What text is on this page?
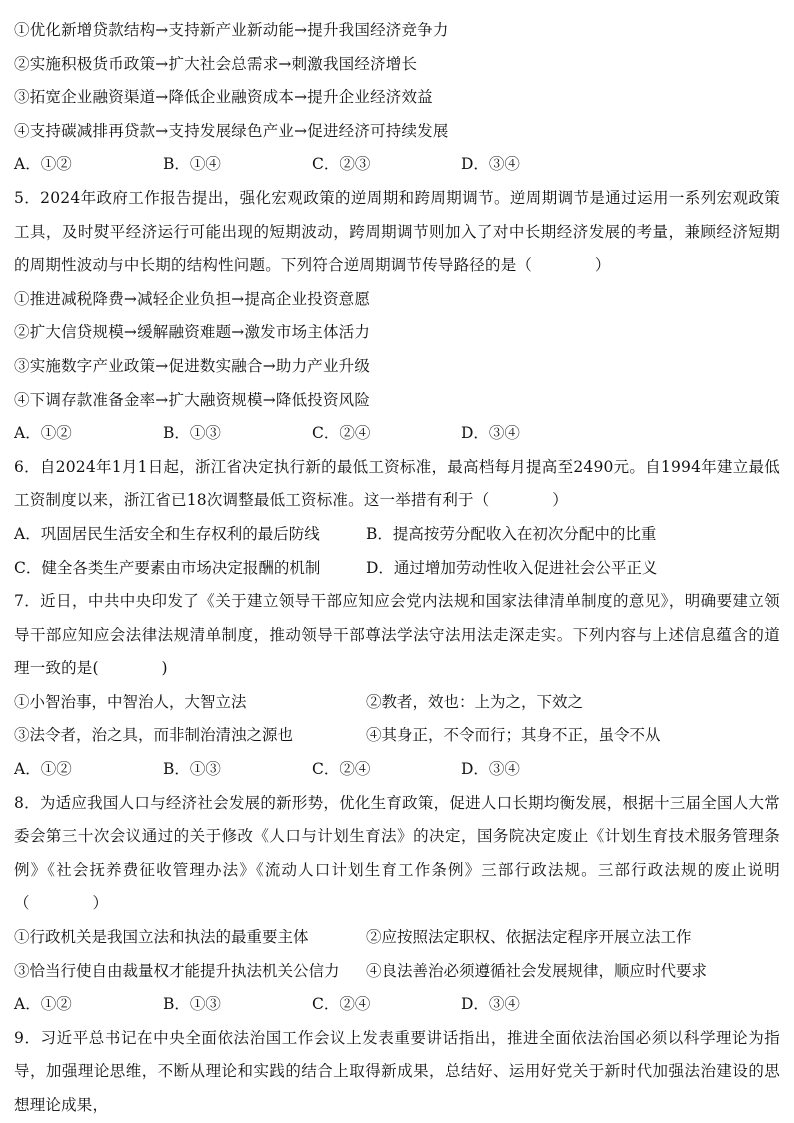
①优化新增贷款结构→支持新产业新动能→提升我国经济竞争力
②实施积极货币政策→扩大社会总需求→刺激我国经济增长
③拓宽企业融资渠道→降低企业融资成本→提升企业经济效益
④支持碳减排再贷款→支持发展绿色产业→促进经济可持续发展
A．①②	B．①④	C．②③	D．③④
5．2024年政府工作报告提出，强化宏观政策的逆周期和跨周期调节。逆周期调节是通过运用一系列宏观政策工具，及时熨平经济运行可能出现的短期波动，跨周期调节则加入了对中长期经济发展的考量，兼顾经济短期的周期性波动与中长期的结构性问题。下列符合逆周期调节传导路径的是（　　　　）
①推进减税降费→减轻企业负担→提高企业投资意愿
②扩大信贷规模→缓解融资难题→激发市场主体活力
③实施数字产业政策→促进数实融合→助力产业升级
④下调存款准备金率→扩大融资规模→降低投资风险
A．①②	B．①③	C．②④	D．③④
6．自2024年1月1日起，浙江省决定执行新的最低工资标准，最高档每月提高至2490元。自1994年建立最低工资制度以来，浙江省已18次调整最低工资标准。这一举措有利于（　　　　）
A．巩固居民生活安全和生存权利的最后防线	B．提高按劳分配收入在初次分配中的比重
C．健全各类生产要素由市场决定报酬的机制	D．通过增加劳动性收入促进社会公平正义
7．近日，中共中央印发了《关于建立领导干部应知应会党内法规和国家法律清单制度的意见》，明确要建立领导干部应知应会法律法规清单制度，推动领导干部尊法学法守法用法走深走实。下列内容与上述信息蕴含的道理一致的是(　　　　)
①小智治事，中智治人，大智立法	②教者，效也：上为之，下效之
③法令者，治之具，而非制治清浊之源也	④其身正，不令而行；其身不正，虽令不从
A．①②	B．①③	C．②④	D．③④
8．为适应我国人口与经济社会发展的新形势，优化生育政策，促进人口长期均衡发展，根据十三届全国人大常委会第三十次会议通过的关于修改《人口与计划生育法》的决定，国务院决定废止《计划生育技术服务管理条例》《社会抚养费征收管理办法》《流动人口计划生育工作条例》三部行政法规。三部行政法规的废止说明（　　　　）
①行政机关是我国立法和执法的最重要主体	②应按照法定职权、依据法定程序开展立法工作
③恰当行使自由裁量权才能提升执法机关公信力	④良法善治必须遵循社会发展规律，顺应时代要求
A．①②	B．①③	C．②④	D．③④
9．习近平总书记在中央全面依法治国工作会议上发表重要讲话指出，推进全面依法治国必须以科学理论为指导，加强理论思维，不断从理论和实践的结合上取得新成果，总结好、运用好党关于新时代加强法治建设的思想理论成果，
